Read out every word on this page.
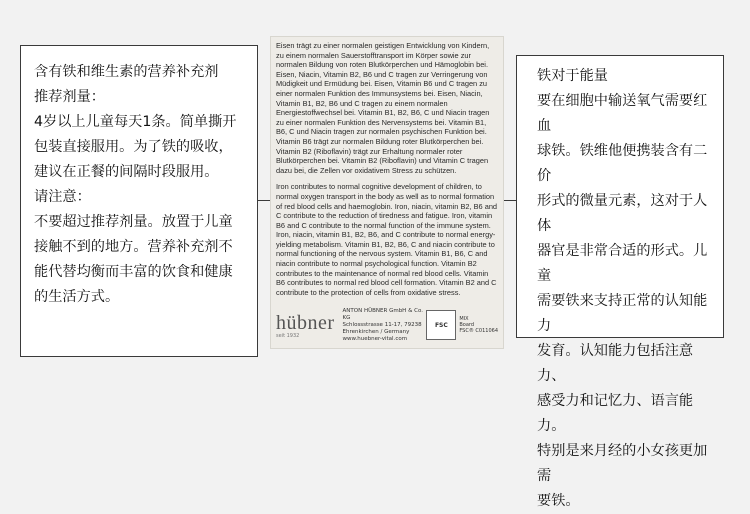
含有铁和维生素的营养补充剂

推荐剂量：

4岁以上儿童每天1条。简单撕开

包装直接服用。为了铁的吸收，

建议在正餐的间隔时段服用。

请注意：

不要超过推荐剂量。放置于儿童

接触不到的地方。营养补充剂不

能代替均衡而丰富的饮食和健康

的生活方式。

Eisen trägt zu einer normalen geistigen Entwicklung von Kindern, zu einem normalen Sauerstofftransport im Körper sowie zur normalen Bildung von roten Blutkörperchen und Hämoglobin bei. Eisen, Niacin, Vitamin B2, B6 und C tragen zur Verringerung von Müdigkeit und Ermüdung bei. Eisen, Vitamin B6 und C tragen zu einer normalen Funktion des Immunsystems bei. Eisen, Niacin, Vitamin B1, B2, B6 und C tragen zu einem normalen Energiestoffwechsel bei. Vitamin B1, B2, B6, C und Niacin tragen zu einer normalen Funktion des Nervensystems bei. Vitamin B1, B6, C und Niacin tragen zur normalen psychischen Funktion bei. Vitamin B6 trägt zur normalen Bildung roter Blutkörperchen bei. Vitamin B2 (Riboflavin) trägt zur Erhaltung normaler roter Blutkörperchen bei. Vitamin B2 (Riboflavin) und Vitamin C tragen dazu bei, die Zellen vor oxidativem Stress zu schützen.
Iron contributes to normal cognitive development of children, to normal oxygen transport in the body as well as to normal formation of red blood cells and haemoglobin. Iron, niacin, vitamin B2, B6 and C contribute to the reduction of tiredness and fatigue. Iron, vitamin B6 and C contribute to the normal function of the immune system. Iron, niacin, vitamin B1, B2, B6, and C contribute to normal energy-yielding metabolism. Vitamin B1, B2, B6, C and niacin contribute to normal functioning of the nervous system. Vitamin B1, B6, C and niacin contribute to normal psychological function. Vitamin B2 contributes to the maintenance of normal red blood cells. Vitamin B6 contributes to normal red blood cell formation. Vitamin B2 and C contribute to the protection of cells from oxidative stress.
hübner
seit 1932
ANTON HÜBNER GmbH & Co. KG
Schlossstrasse 11-17, 79238 Ehrenkirchen / Germany
www.huebner-vital.com
FSC
MIX
Board
FSC® C011064

铁对于能量

要在细胞中输送氧气需要红血

球铁。铁维他便携装含有二价

形式的微量元素，这对于人体

器官是非常合适的形式。儿童

需要铁来支持正常的认知能力

发育。认知能力包括注意力、

感受力和记忆力、语言能力。

特别是来月经的小女孩更加需

要铁。
